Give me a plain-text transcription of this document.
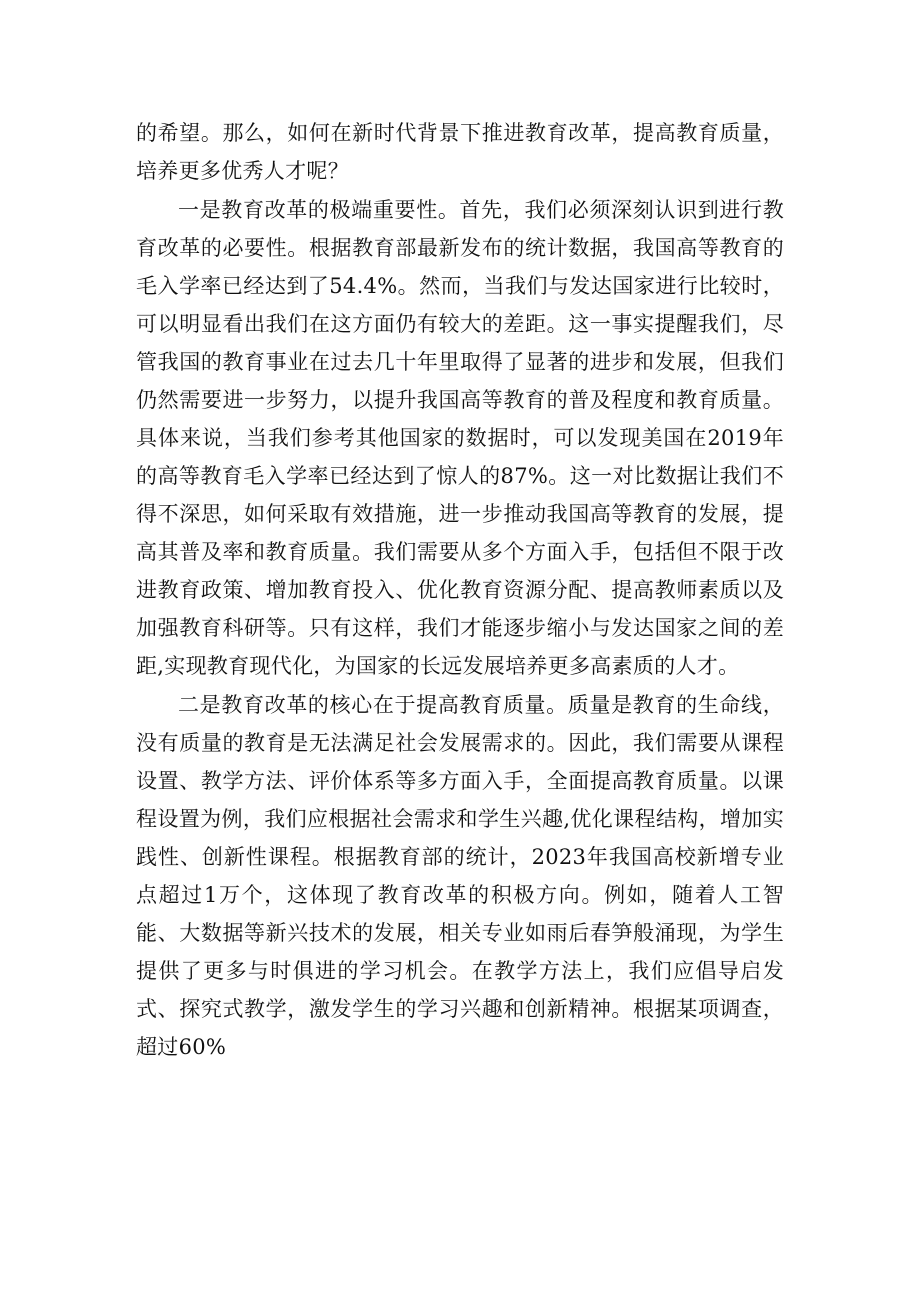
的希望。那么，如何在新时代背景下推进教育改革，提高教育质量，培养更多优秀人才呢？

一是教育改革的极端重要性。首先，我们必须深刻认识到进行教育改革的必要性。根据教育部最新发布的统计数据，我国高等教育的毛入学率已经达到了54.4%。然而，当我们与发达国家进行比较时，可以明显看出我们在这方面仍有较大的差距。这一事实提醒我们，尽管我国的教育事业在过去几十年里取得了显著的进步和发展，但我们仍然需要进一步努力，以提升我国高等教育的普及程度和教育质量。具体来说，当我们参考其他国家的数据时，可以发现美国在2019年的高等教育毛入学率已经达到了惊人的87%。这一对比数据让我们不得不深思，如何采取有效措施，进一步推动我国高等教育的发展，提高其普及率和教育质量。我们需要从多个方面入手，包括但不限于改进教育政策、增加教育投入、优化教育资源分配、提高教师素质以及加强教育科研等。只有这样，我们才能逐步缩小与发达国家之间的差距,实现教育现代化，为国家的长远发展培养更多高素质的人才。

二是教育改革的核心在于提高教育质量。质量是教育的生命线，没有质量的教育是无法满足社会发展需求的。因此，我们需要从课程设置、教学方法、评价体系等多方面入手，全面提高教育质量。以课程设置为例，我们应根据社会需求和学生兴趣,优化课程结构，增加实践性、创新性课程。根据教育部的统计，2023年我国高校新增专业点超过1万个，这体现了教育改革的积极方向。例如，随着人工智能、大数据等新兴技术的发展，相关专业如雨后春笋般涌现，为学生提供了更多与时俱进的学习机会。在教学方法上，我们应倡导启发式、探究式教学，激发学生的学习兴趣和创新精神。根据某项调查，超过60%
